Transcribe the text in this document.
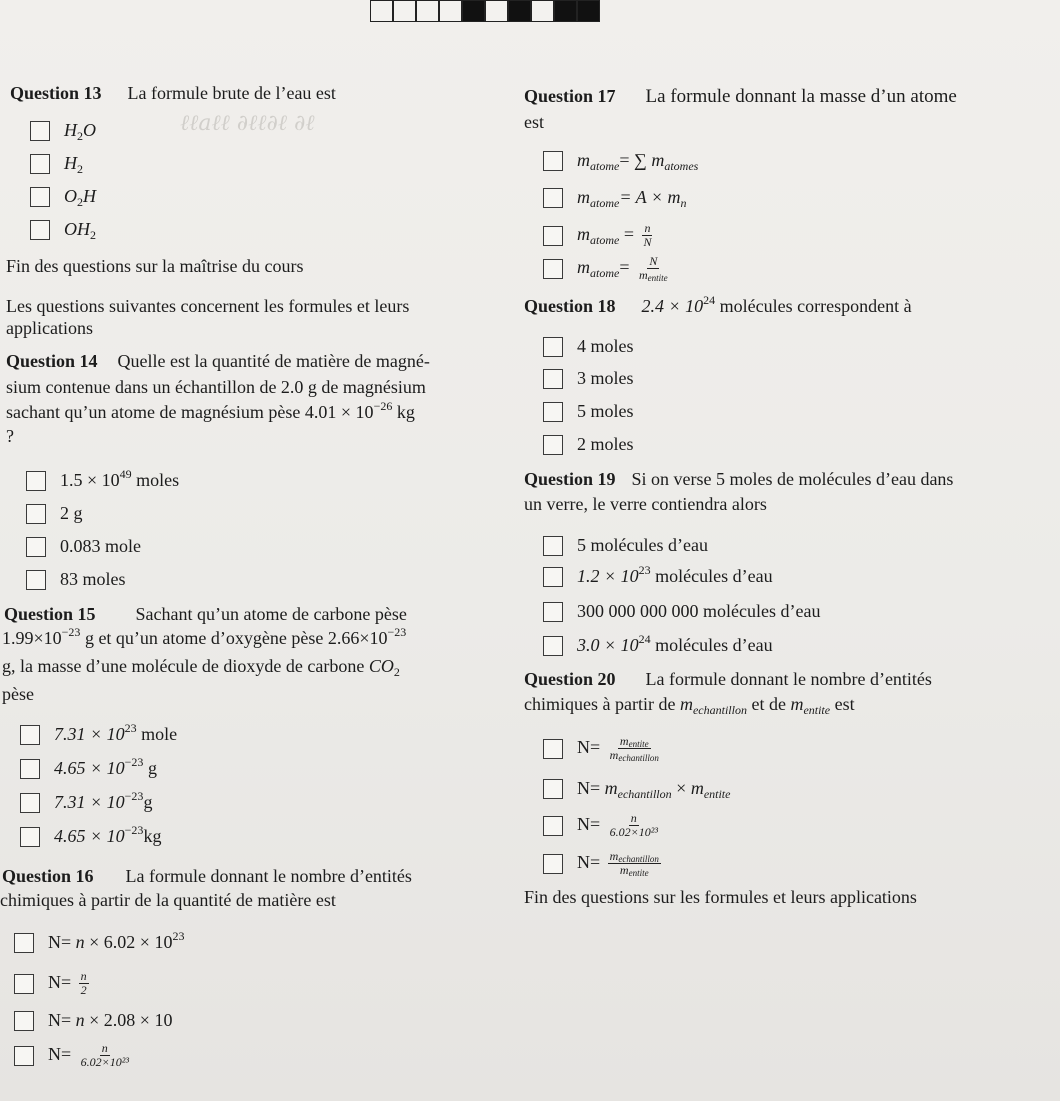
ℓℓaℓℓ ∂ℓℓ∂ℓ ∂ℓ
Question 13 La formule brute de l’eau est
$H_2O$
$H_2$
$O_2H$
$OH_2$
Fin des questions sur la maîtrise du cours
Les questions suivantes concernent les formules et leurs
applications
Question 14 Quelle est la quantité de matière de magné-
sium contenue dans un échantillon de 2.0 g de magnésium
sachant qu’un atome de magnésium pèse $4.01 \times 10^{-26}$ kg
?
$1.5 \times 10^{49}$ moles
2 g
0.083 mole
83 moles
Question 15 Sachant qu’un atome de carbone pèse
$1.99\times 10^{-23}$ g et qu’un atome d’oxygène pèse $2.66\times 10^{-23}$
g, la masse d’une molécule de dioxyde de carbone $CO_2$
pèse
$7.31 \times 10^{23}$ mole
$4.65 \times 10^{-23}$ g
$7.31 \times 10^{-23}g$
$4.65 \times 10^{-23}kg$
Question 16 La formule donnant le nombre d’entités
chimiques à partir de la quantité de matière est
$N= n \times 6.02 \times 10^{23}$
$N= \frac{n}{2}$
N= n × 2.08 × 10
$N= \frac{n}{\text{6.02×10²³}}$
Question 17 La formule donnant la masse d’un atome
est
$m_{atome}=$ ∑ $m_{atomes}$
$m_{atome}= A \times m_n$
$m_{atome} = \frac{n}{N}$
$m_{atome}= \frac{N}{m_{entite}}$
Question 18 $2.4 \times 10^{24}$ molécules correspondent à
4 moles
3 moles
5 moles
2 moles
Question 19 Si on verse 5 moles de molécules d’eau dans
un verre, le verre contiendra alors
5 molécules d’eau
$1.2 \times 10^{23}$ molécules d’eau
300 000 000 000 molécules d’eau
$3.0 \times 10^{24}$ molécules d’eau
Question 20 La formule donnant le nombre d’entités
chimiques à partir de $m_{echantillon}$ et de $m_{entite}$ est
$N= \frac{m_{entite}}{m_{echantillon}}$
$N= m_{echantillon} \times m_{entite}$
$N= \frac{n}{\text{6.02×10²³}}$
$N= \frac{m_{echantillon}}{m_{entite}}$
Fin des questions sur les formules et leurs applications
